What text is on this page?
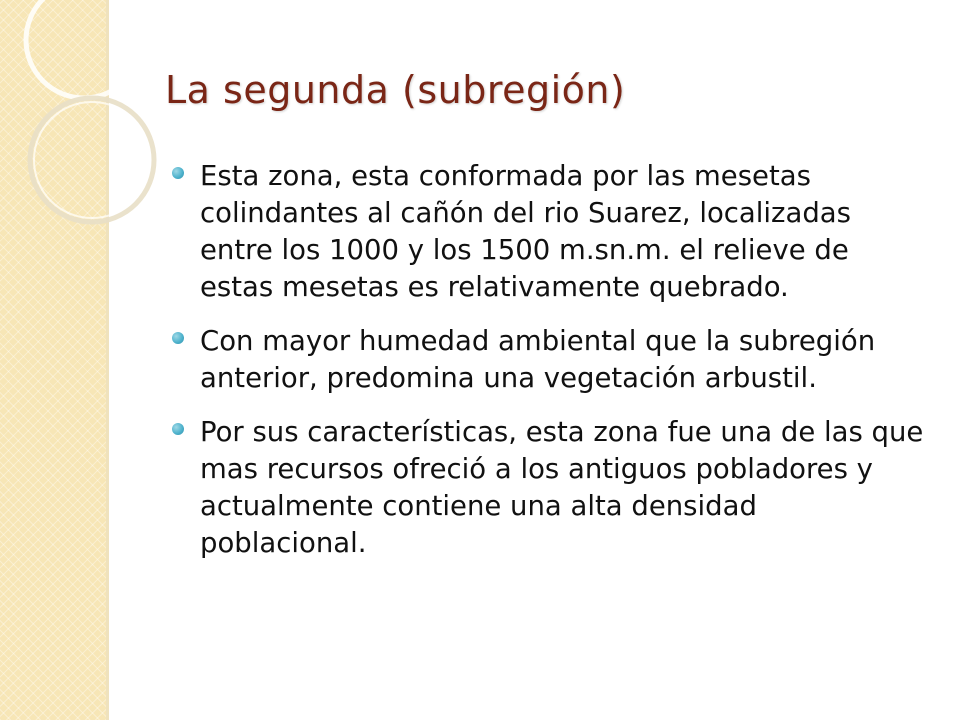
La segunda (subregión)
Esta zona, esta conformada por las mesetas colindantes al cañón del rio Suarez, localizadas entre los 1000 y los 1500 m.sn.m. el relieve de estas mesetas es relativamente quebrado.
Con mayor humedad ambiental que la subregión anterior, predomina una vegetación arbustil.
Por sus características, esta zona fue una de las que mas recursos ofreció a los antiguos pobladores y actualmente contiene una alta densidad poblacional.
